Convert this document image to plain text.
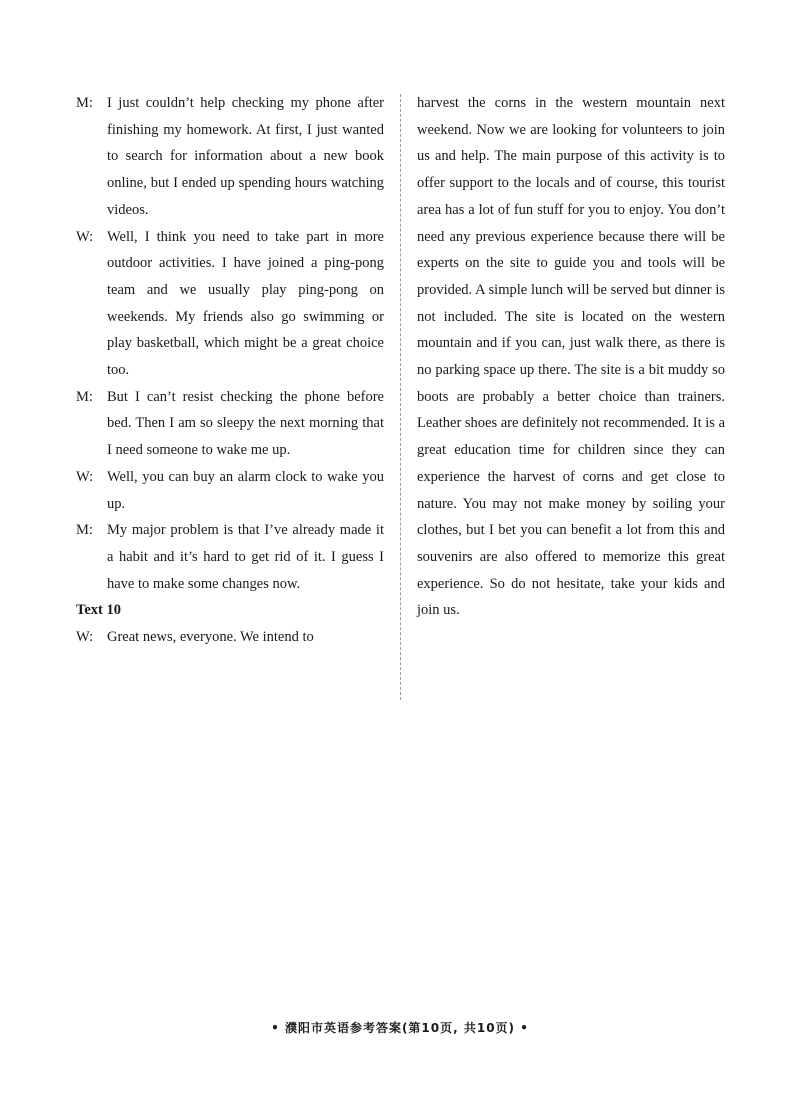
M: I just couldn’t help checking my phone after finishing my homework. At first, I just wanted to search for information about a new book online, but I ended up spending hours watching videos.
W: Well, I think you need to take part in more outdoor activities. I have joined a ping-pong team and we usually play ping-pong on weekends. My friends also go swimming or play basketball, which might be a great choice too.
M: But I can’t resist checking the phone before bed. Then I am so sleepy the next morning that I need someone to wake me up.
W: Well, you can buy an alarm clock to wake you up.
M: My major problem is that I’ve already made it a habit and it’s hard to get rid of it. I guess I have to make some changes now.
Text 10
W: Great news, everyone. We intend to

harvest the corns in the western mountain next weekend. Now we are looking for volunteers to join us and help. The main purpose of this activity is to offer support to the locals and of course, this tourist area has a lot of fun stuff for you to enjoy. You don’t need any previous experience because there will be experts on the site to guide you and tools will be provided. A simple lunch will be served but dinner is not included. The site is located on the western mountain and if you can, just walk there, as there is no parking space up there. The site is a bit muddy so boots are probably a better choice than trainers. Leather shoes are definitely not recommended. It is a great education time for children since they can experience the harvest of corns and get close to nature. You may not make money by soiling your clothes, but I bet you can benefit a lot from this and souvenirs are also offered to memorize this great experience. So do not hesitate, take your kids and join us.

• 濮阳市英语参考答案(第10页, 共10页) •
